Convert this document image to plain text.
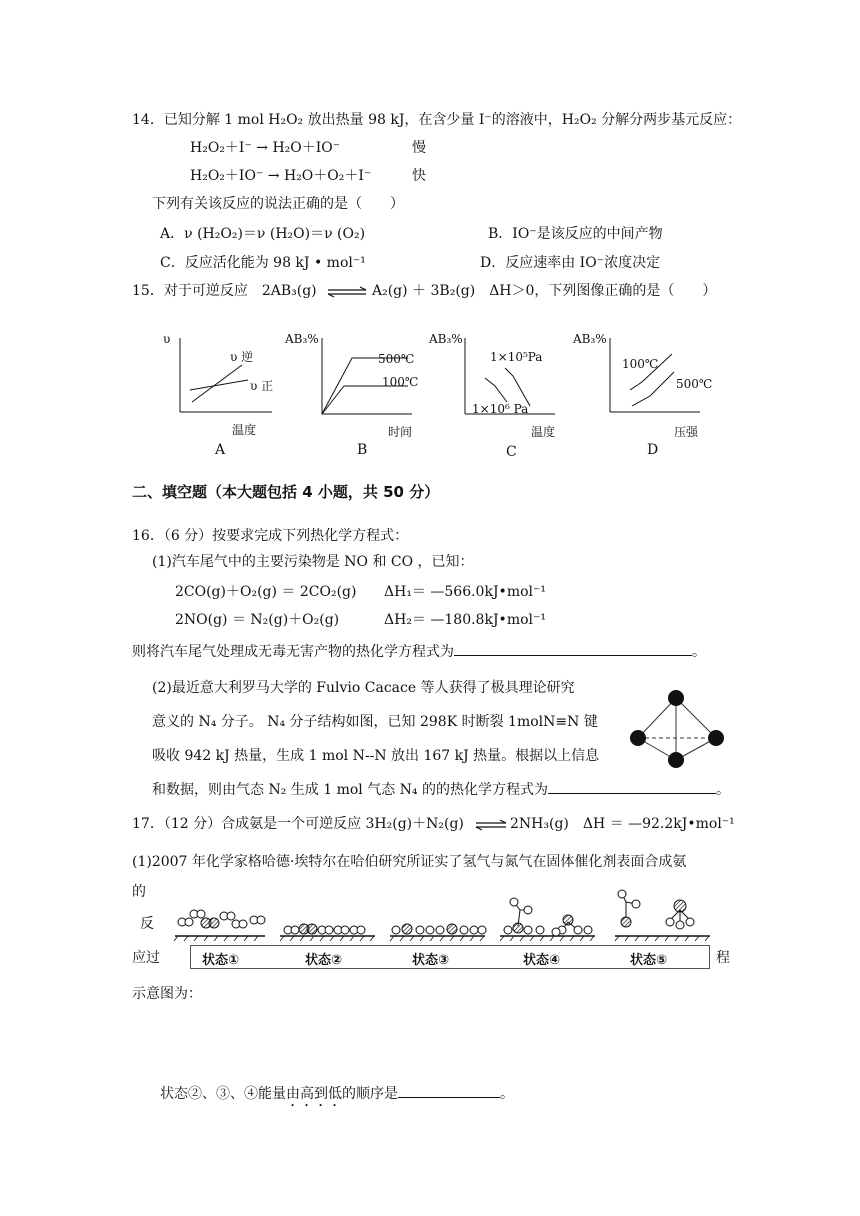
14．已知分解 1 mol H₂O₂ 放出热量 98 kJ，在含少量 I⁻的溶液中，H₂O₂ 分解分两步基元反应：
H₂O₂＋I⁻ → H₂O＋IO⁻	慢
H₂O₂＋IO⁻ → H₂O＋O₂＋I⁻	快
下列有关该反应的说法正确的是（　　）
A．ν (H₂O₂)＝ν (H₂O)＝ν (O₂)	B．IO⁻是该反应的中间产物
C．反应活化能为 98 kJ • mol⁻¹	D．反应速率由 IO⁻浓度决定
15．对于可逆反应　2AB₃(g) ⇌ A₂(g) ＋ 3B₂(g)　ΔH＞0，下列图像正确的是（　　）
υ
υ 逆
υ 正
温度
A
AB₃%
500℃
100℃
时间
B
AB₃%
1×10⁵Pa
1×10⁶ Pa
温度
C
AB₃%
100℃
500℃
压强
D
二、填空题（本大题包括 4 小题，共 50 分）
16．（6 分）按要求完成下列热化学方程式：
(1)汽车尾气中的主要污染物是 NO 和 CO ，已知：
2CO(g)＋O₂(g) ＝ 2CO₂(g) ΔH₁＝ —566.0kJ•mol⁻¹
2NO(g) ＝ N₂(g)＋O₂(g)	ΔH₂＝ —180.8kJ•mol⁻¹
则将汽车尾气处理成无毒无害产物的热化学方程式为	。
(2)最近意大利罗马大学的 Fulvio Cacace 等人获得了极具理论研究
意义的 N₄ 分子。 N₄ 分子结构如图，已知 298K 时断裂 1molN≡N 键
吸收 942 kJ 热量，生成 1 mol N--N 放出 167 kJ 热量。根据以上信息
和数据，则由气态 N₂ 生成 1 mol 气态 N₄ 的的热化学方程式为	。
17．（12 分）合成氨是一个可逆反应 3H₂(g)＋N₂(g) ⇌ 2NH₃(g)　ΔH ＝ —92.2kJ•mol⁻¹
(1)2007 年化学家格哈德·埃特尔在哈伯研究所证实了氢气与氮气在固体催化剂表面合成氨
的
反
应过	程
状态①	状态②	状态③	状态④	状态⑤
示意图为：
状态②、③、④能量由高到低的顺序是	。
